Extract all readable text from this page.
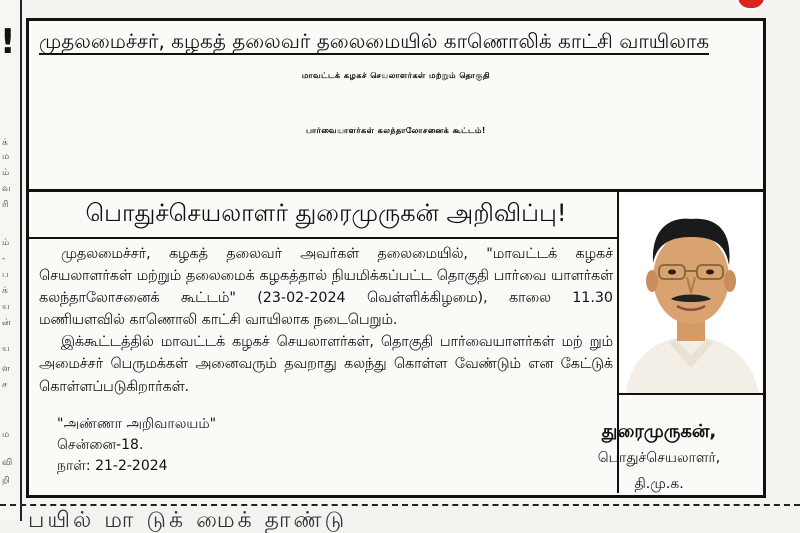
!
க்
ம
ம்
வ
ரி
ம்
-
ப
க்
ய
ன்
ய
ள
ச
ம
வி
றி
முதலமைச்சர், கழகத் தலைவர் தலைமையில் காணொலிக் காட்சி வாயிலாக
மாவட்டக் கழகச் செயலாளர்கள் மற்றும் தொகுதி
பார்வையாளர்கள் கலந்தாலோசனைக் கூட்டம்!
பொதுச்செயலாளர் துரைமுருகன் அறிவிப்பு!

முதலமைச்சர், கழகத் தலைவர் அவர்கள் தலைமையில், "மாவட்டக் கழகச் செயலாளர்கள் மற்றும் தலைமைக் கழகத்தால் நியமிக்கப்பட்ட தொகுதி பார்வை யாளர்கள் கலந்தாலோசனைக் கூட்டம்" (23-02-2024 வெள்ளிக்கிழமை), காலை 11.30 மணியளவில் காணொலி காட்சி வாயிலாக நடைபெறும்.

இக்கூட்டத்தில் மாவட்டக் கழகச் செயலாளர்கள், தொகுதி பார்வையாளர்கள் மற் றும் அமைச்சர் பெருமக்கள் அனைவரும் தவறாது கலந்து கொள்ள வேண்டும் என கேட்டுக் கொள்ளப்படுகிறார்கள்.

"அண்ணா அறிவாலயம்"
சென்னை-18.
நாள்: 21-2-2024
துரைமுருகன்,
பொதுச்செயலாளர்,
தி.மு.க.
பயில் மா டுக் மைக் தாண்டு
